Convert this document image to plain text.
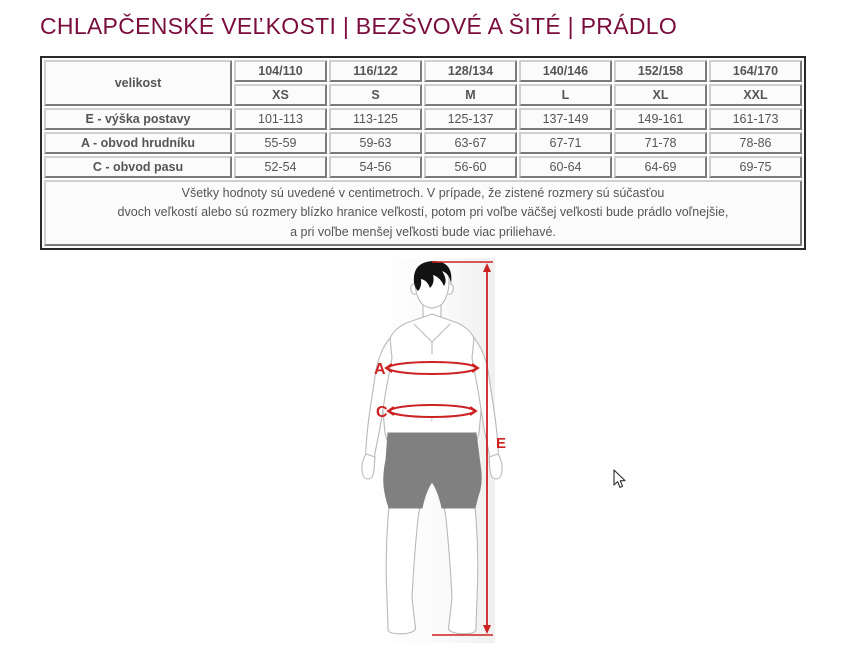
CHLAPČENSKÉ VEĽKOSTI | BEZŠVOVÉ A ŠITÉ | PRÁDLO
velikost	104/110	116/122	128/134	140/146	152/158	164/170
	XS	S	M	L	XL	XXL
E - výška postavy	101-113	113-125	125-137	137-149	149-161	161-173
A - obvod hrudníku	55-59	59-63	63-67	67-71	71-78	78-86
C - obvod pasu	52-54	54-56	56-60	60-64	64-69	69-75

Všetky hodnoty sú uvedené v centimetroch. V prípade, že zistené rozmery sú súčasťou
dvoch veľkostí alebo sú rozmery blízko hranice veľkostí, potom pri voľbe väčšej veľkosti bude prádlo voľnejšie,
a pri voľbe menšej veľkosti bude viac priliehavé.						
A
C
E
